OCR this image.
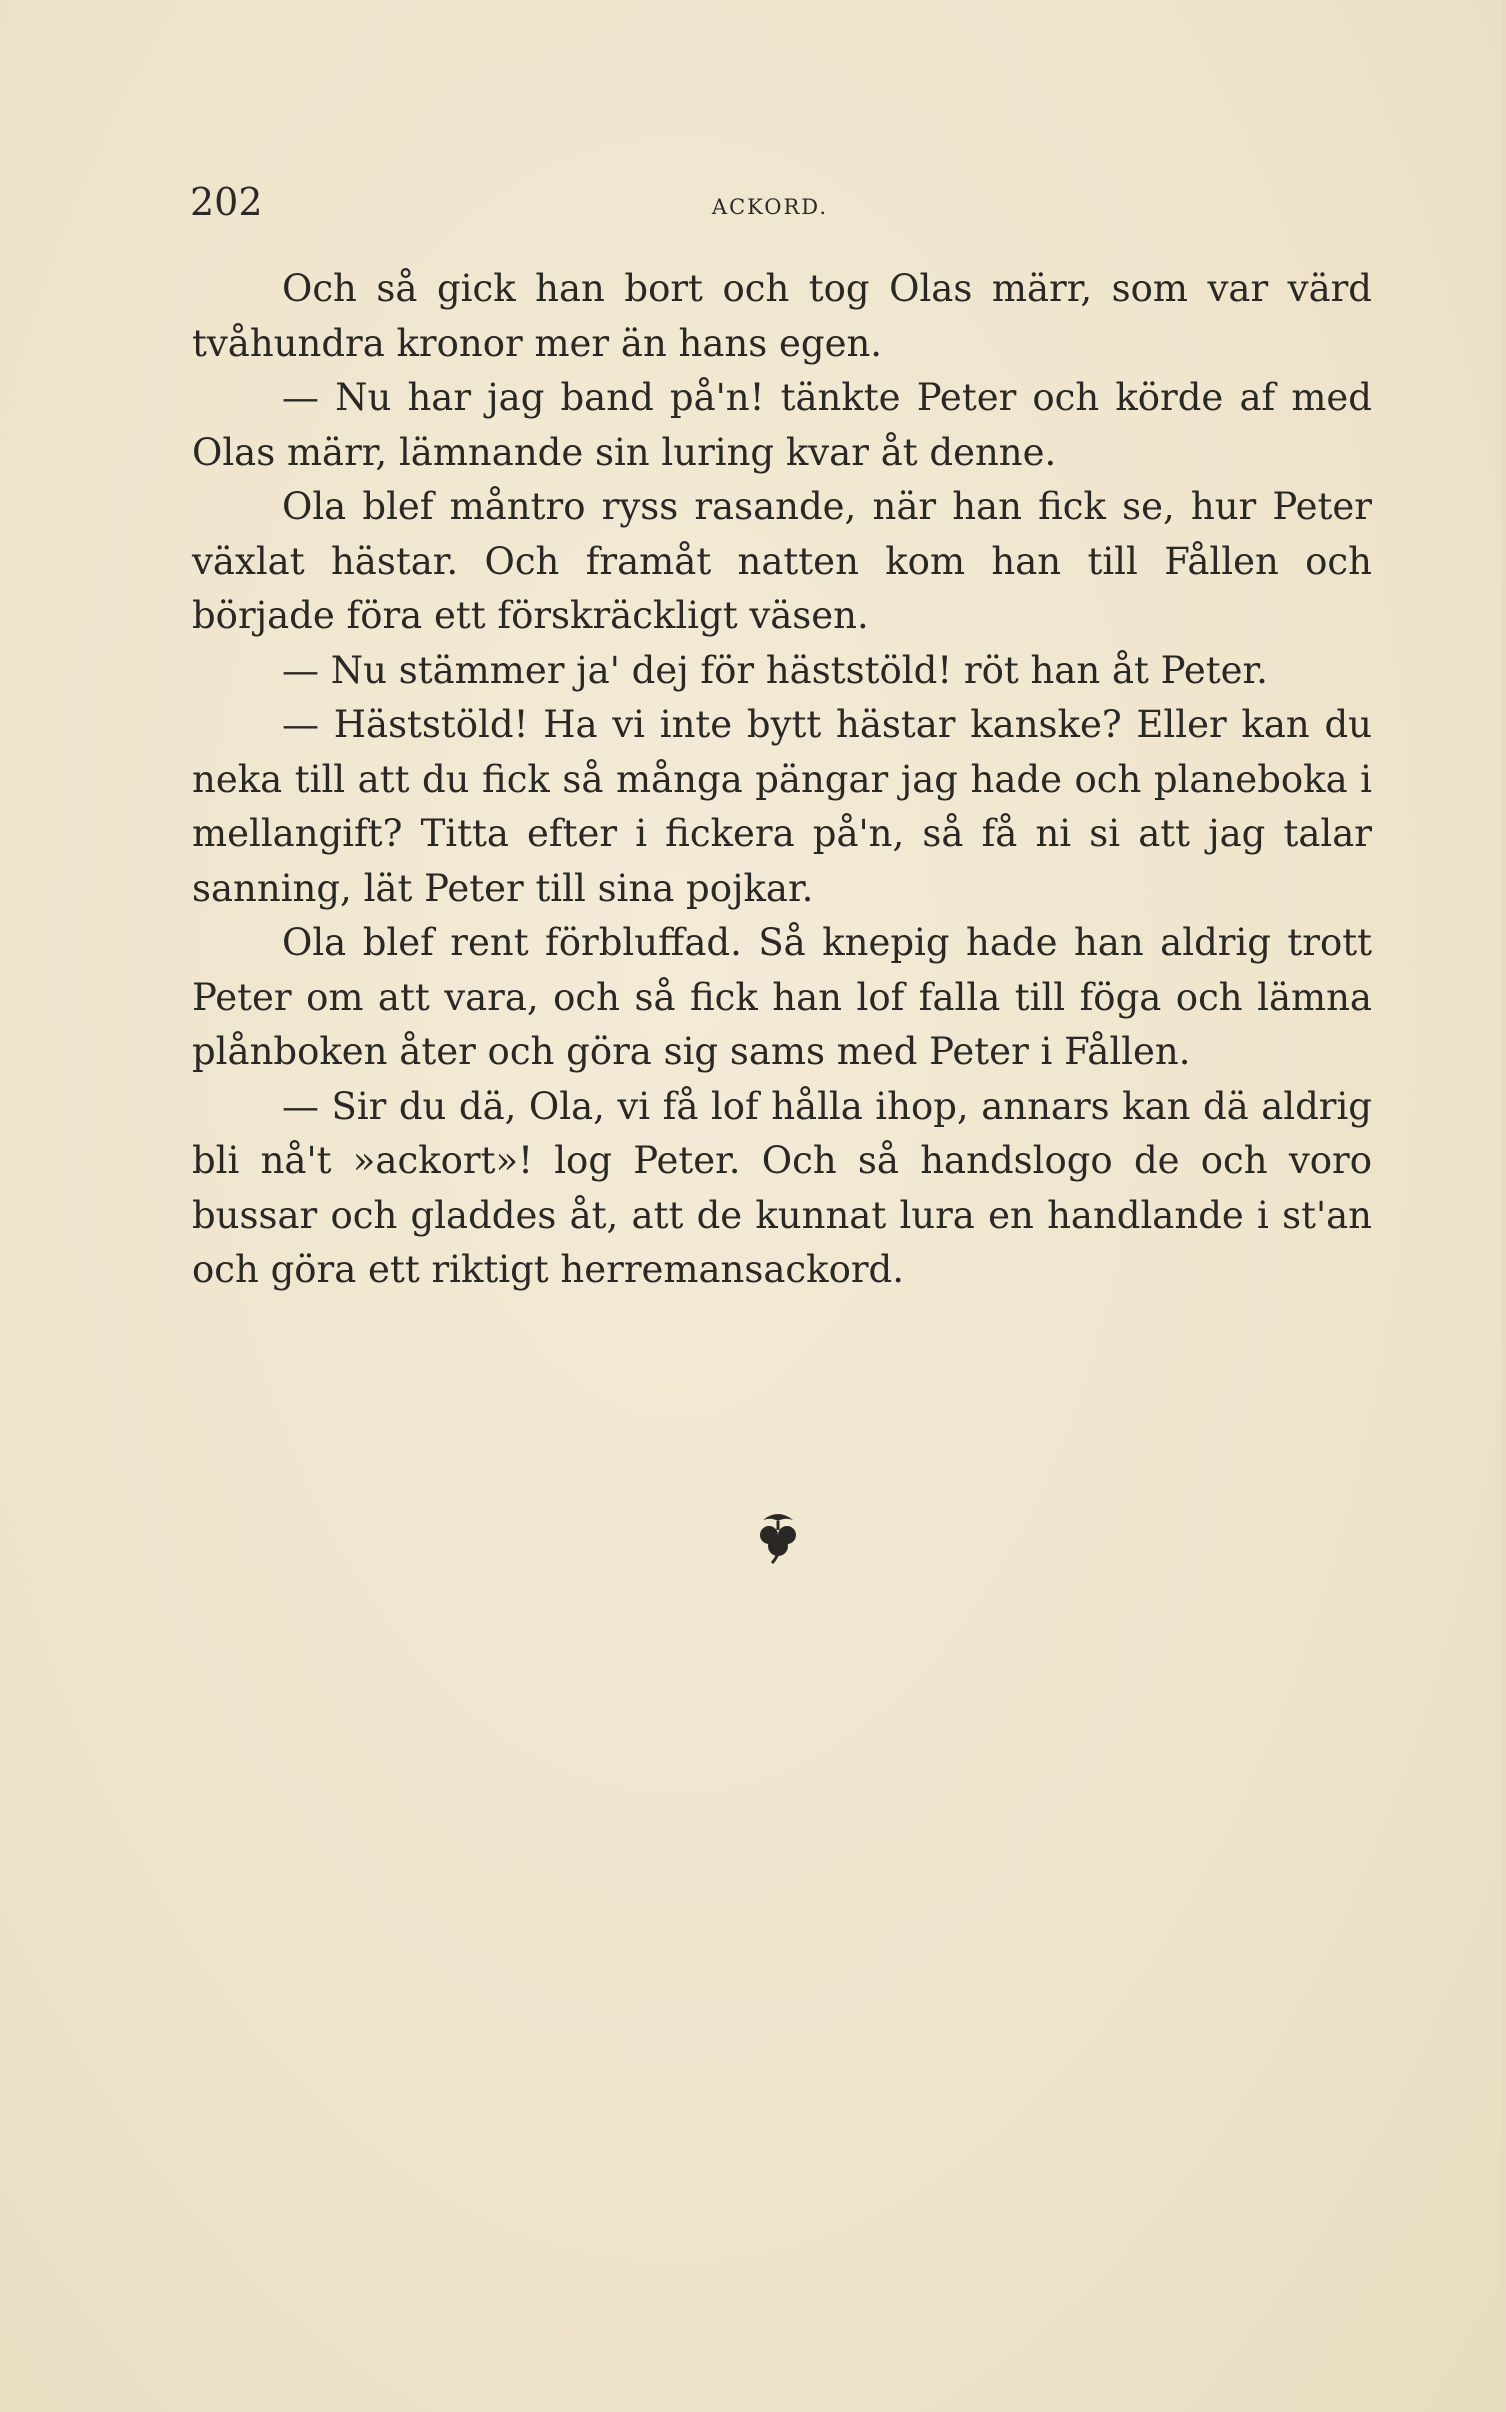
202	ACKORD.

Och så gick han bort och tog Olas märr, som var värd tvåhundra kronor mer än hans egen.

— Nu har jag band på'n! tänkte Peter och körde af med Olas märr, lämnande sin luring kvar åt denne.

Ola blef måntro ryss rasande, när han fick se, hur Peter växlat hästar. Och framåt natten kom han till Fållen och började föra ett förskräckligt väsen.

— Nu stämmer ja' dej för häststöld! röt han åt Peter.

— Häststöld! Ha vi inte bytt hästar kanske? Eller kan du neka till att du fick så många pängar jag hade och planeboka i mellangift? Titta efter i fickera på'n, så få ni si att jag talar sanning, lät Peter till sina pojkar.

Ola blef rent förbluffad. Så knepig hade han aldrig trott Peter om att vara, och så fick han lof falla till föga och lämna plånboken åter och göra sig sams med Peter i Fållen.

— Sir du dä, Ola, vi få lof hålla ihop, annars kan dä aldrig bli nå't »ackort»! log Peter. Och så handslogo de och voro bussar och gladdes åt, att de kunnat lura en handlande i st'an och göra ett riktigt herremansackord.
